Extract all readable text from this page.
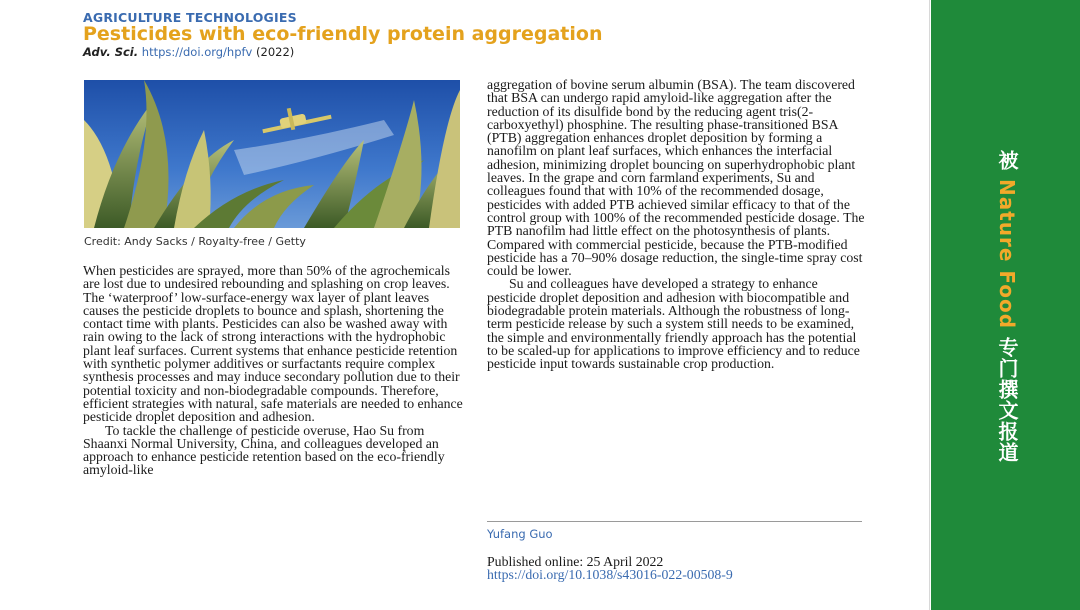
AGRICULTURE TECHNOLOGIES
Pesticides with eco-friendly protein aggregation
Adv. Sci. https://doi.org/hpfv (2022)
Credit: Andy Sacks / Royalty-free / Getty

When pesticides are sprayed, more than 50% of the agrochemicals are lost due to undesired rebounding and splashing on crop leaves. The ‘waterproof’ low-surface-energy wax layer of plant leaves causes the pesticide droplets to bounce and splash, shortening the contact time with plants. Pesticides can also be washed away with rain owing to the lack of strong interactions with the hydrophobic plant leaf surfaces. Current systems that enhance pesticide retention with synthetic polymer additives or surfactants require complex synthesis processes and may induce secondary pollution due to their potential toxicity and non-biodegradable compounds. Therefore, efficient strategies with natural, safe materials are needed to enhance pesticide droplet deposition and adhesion.

To tackle the challenge of pesticide overuse, Hao Su from Shaanxi Normal University, China, and colleagues developed an approach to enhance pesticide retention based on the eco-friendly amyloid-like

aggregation of bovine serum albumin (BSA). The team discovered that BSA can undergo rapid amyloid-like aggregation after the reduction of its disulfide bond by the reducing agent tris(2-carboxyethyl) phosphine. The resulting phase-transitioned BSA (PTB) aggregation enhances droplet deposition by forming a nanofilm on plant leaf surfaces, which enhances the interfacial adhesion, minimizing droplet bouncing on superhydrophobic plant leaves. In the grape and corn farmland experiments, Su and colleagues found that with 10% of the recommended dosage, pesticides with added PTB achieved similar efficacy to that of the control group with 100% of the recommended pesticide dosage. The PTB nanofilm had little effect on the photosynthesis of plants. Compared with commercial pesticide, because the PTB-modified pesticide has a 70–90% dosage reduction, the single-time spray cost could be lower.

Su and colleagues have developed a strategy to enhance pesticide droplet deposition and adhesion with biocompatible and biodegradable protein materials. Although the robustness of long-term pesticide release by such a system still needs to be examined, the simple and environmentally friendly approach has the potential to be scaled-up for applications to improve efficiency and to reduce pesticide input towards sustainable crop production.

Yufang Guo
Published online: 25 April 2022
https://doi.org/10.1038/s43016-022-00508-9
被 Nature Food 专门撰文报道
